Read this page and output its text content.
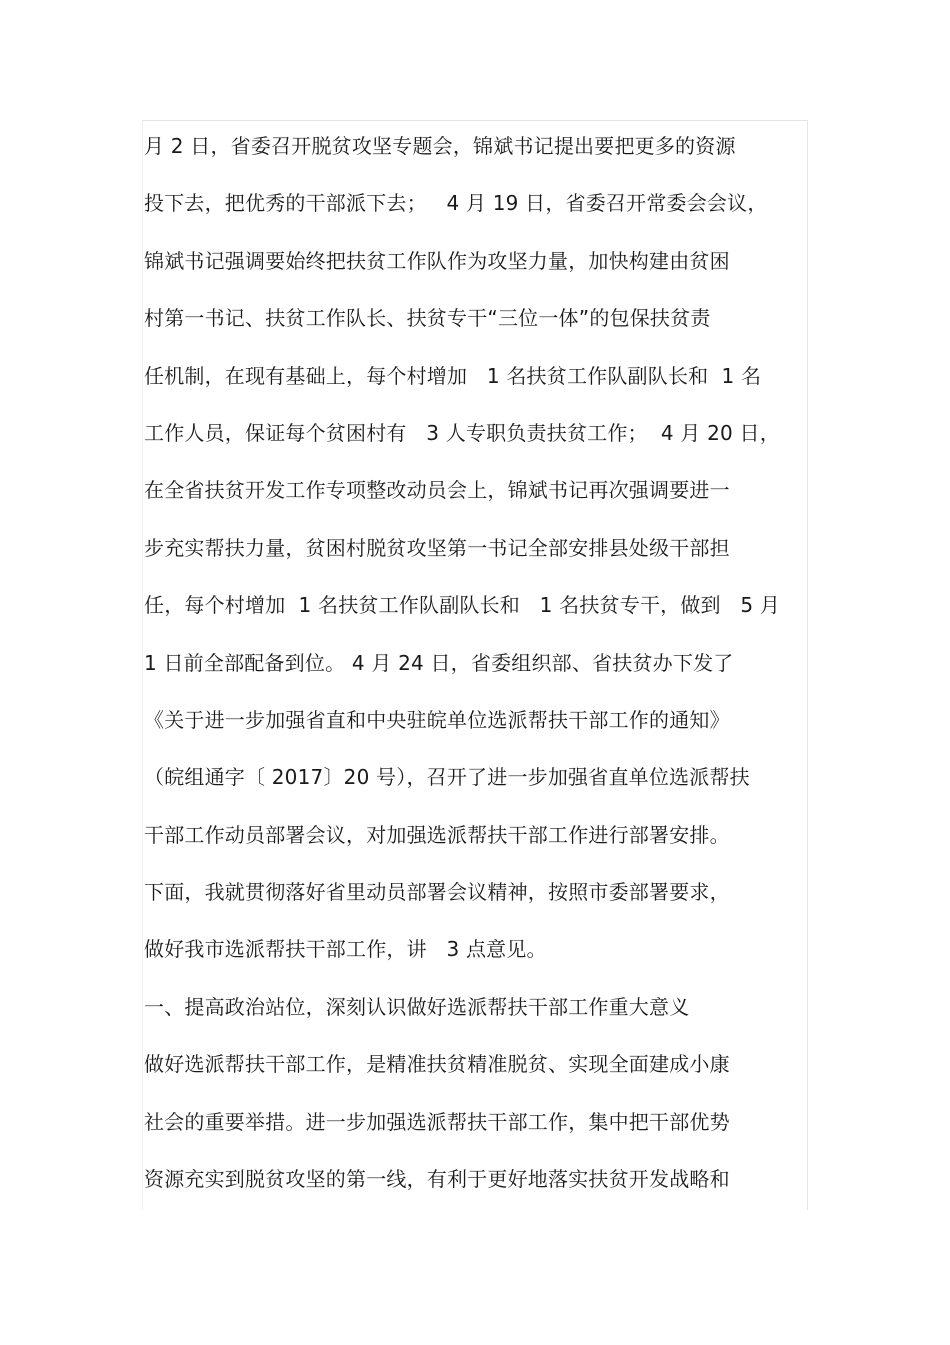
月 2 日，省委召开脱贫攻坚专题会，锦斌书记提出要把更多的资源
投下去，把优秀的干部派下去；   4 月 19 日，省委召开常委会会议，
锦斌书记强调要始终把扶贫工作队作为攻坚力量，加快构建由贫困
村第一书记、扶贫工作队长、扶贫专干“三位一体”的包保扶贫责
任机制，在现有基础上，每个村增加   1 名扶贫工作队副队长和  1 名
工作人员，保证每个贫困村有   3 人专职负责扶贫工作；  4 月 20 日，
在全省扶贫开发工作专项整改动员会上，锦斌书记再次强调要进一
步充实帮扶力量，贫困村脱贫攻坚第一书记全部安排县处级干部担
任，每个村增加  1 名扶贫工作队副队长和   1 名扶贫专干，做到   5 月
1 日前全部配备到位。 4 月 24 日，省委组织部、省扶贫办下发了
《关于进一步加强省直和中央驻皖单位选派帮扶干部工作的通知》
（皖组通字〔 2017〕20 号），召开了进一步加强省直单位选派帮扶
干部工作动员部署会议，对加强选派帮扶干部工作进行部署安排。
下面，我就贯彻落好省里动员部署会议精神，按照市委部署要求，
做好我市选派帮扶干部工作，讲   3 点意见。
一、提高政治站位，深刻认识做好选派帮扶干部工作重大意义
做好选派帮扶干部工作，是精准扶贫精准脱贫、实现全面建成小康
社会的重要举措。进一步加强选派帮扶干部工作，集中把干部优势
资源充实到脱贫攻坚的第一线，有利于更好地落实扶贫开发战略和
